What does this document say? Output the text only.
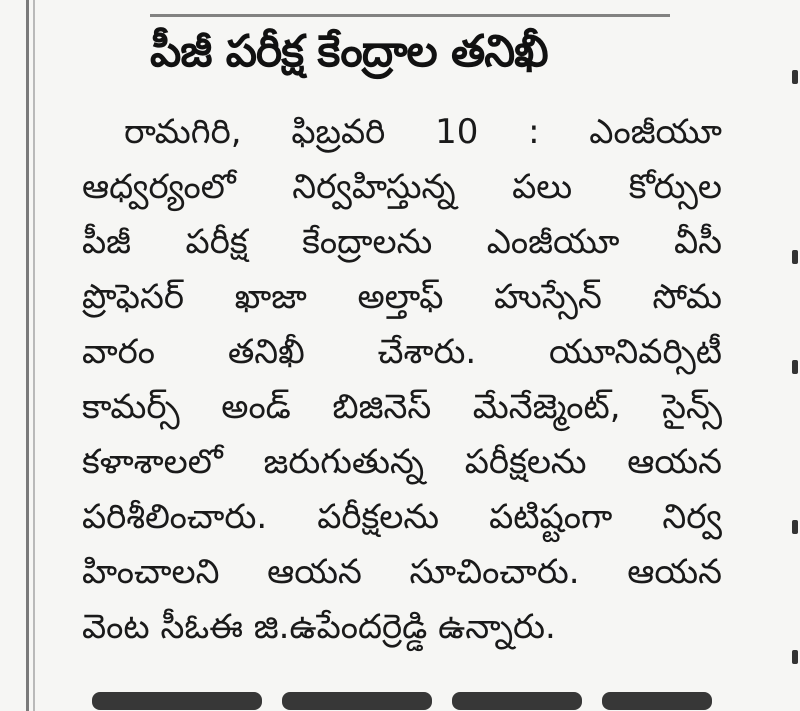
పీజీ పరీక్ష కేంద్రాల తనిఖీ
రామగిరి, ఫిబ్రవరి 10 : ఎంజీయూ
ఆధ్వర్యంలో నిర్వహిస్తున్న పలు కోర్సుల
పీజీ పరీక్ష కేంద్రాలను ఎంజీయూ వీసీ
ప్రొఫెసర్ ఖాజా అల్తాఫ్ హుస్సేన్ సోమ
వారం తనిఖీ చేశారు. యూనివర్సిటీ
కామర్స్ అండ్ బిజినెస్ మేనేజ్మెంట్, సైన్స్
కళాశాలలో జరుగుతున్న పరీక్షలను ఆయన
పరిశీలించారు. పరీక్షలను పటిష్టంగా నిర్వ
హించాలని ఆయన సూచించారు. ఆయన
వెంట సీఓఈ జి.ఉపేందర్రెడ్డి ఉన్నారు.
